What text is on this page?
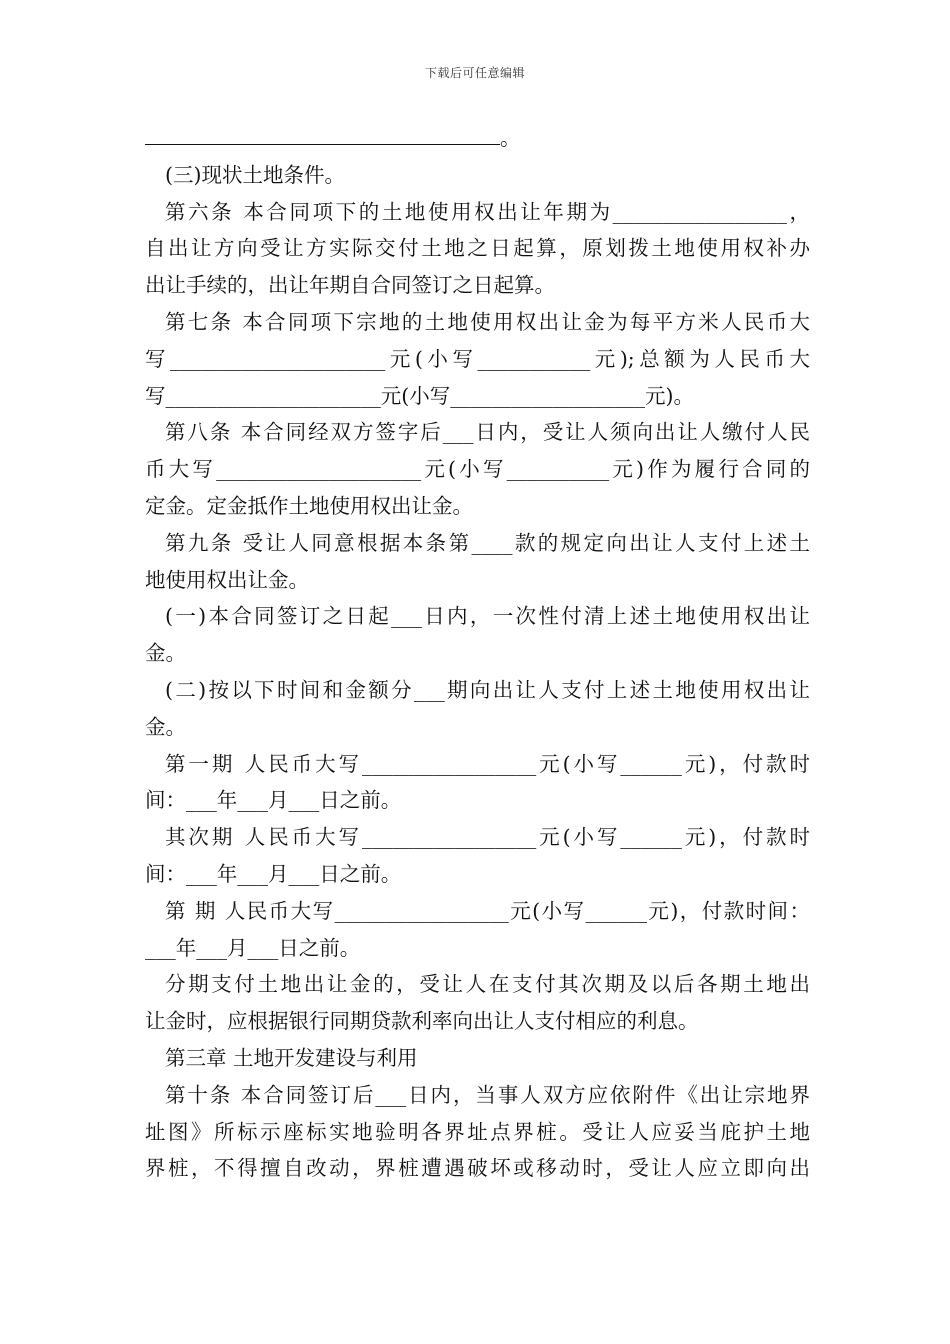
下载后可任意编辑
。
(三)现状土地条件。
第六条 本合同项下的土地使用权出让年期为_________________，
自出让方向受让方实际交付土地之日起算，原划拨土地使用权补办
出让手续的，出让年期自合同签订之日起算。
第七条 本合同项下宗地的土地使用权出让金为每平方米人民币大
写_____________________元(小写___________元);总额为人民币大
写_____________________元(小写___________________元)。
第八条 本合同经双方签字后___日内，受让人须向出让人缴付人民
币大写____________________元(小写__________元)作为履行合同的
定金。定金抵作土地使用权出让金。
第九条 受让人同意根据本条第____款的规定向出让人支付上述土
地使用权出让金。
(一)本合同签订之日起___日内，一次性付清上述土地使用权出让
金。
(二)按以下时间和金额分___期向出让人支付上述土地使用权出让
金。
第一期 人民币大写_________________元(小写______元)，付款时
间：___年___月___日之前。
其次期 人民币大写_________________元(小写______元)，付款时
间：___年___月___日之前。
第 期 人民币大写_________________元(小写______元)，付款时间：
___年___月___日之前。
分期支付土地出让金的，受让人在支付其次期及以后各期土地出
让金时，应根据银行同期贷款利率向出让人支付相应的利息。
第三章 土地开发建设与利用
第十条 本合同签订后___日内，当事人双方应依附件《出让宗地界
址图》所标示座标实地验明各界址点界桩。受让人应妥当庇护土地
界桩，不得擅自改动，界桩遭遇破坏或移动时，受让人应立即向出
